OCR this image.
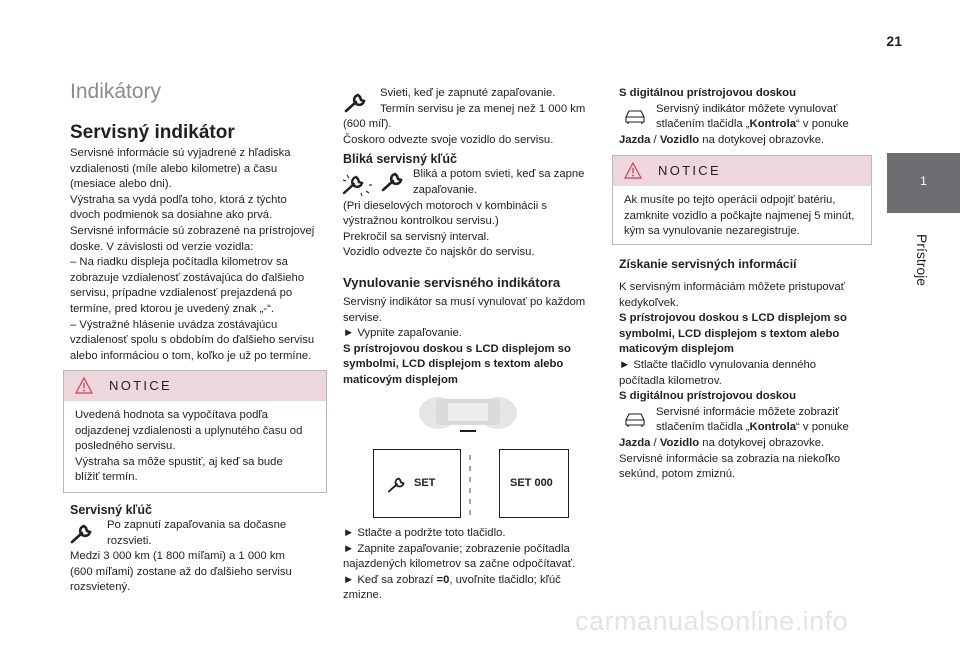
21
1
Prístroje
Indikátory
Servisný indikátor

Servisné informácie sú vyjadrené z hľadiska

vzdialenosti (míle alebo kilometre) a času

(mesiace alebo dni).

Výstraha sa vydá podľa toho, ktorá z týchto

dvoch podmienok sa dosiahne ako prvá.

Servisné informácie sú zobrazené na prístrojovej

doske. V závislosti od verzie vozidla:

– Na riadku displeja počítadla kilometrov sa

zobrazuje vzdialenosť zostávajúca do ďalšieho

servisu, prípadne vzdialenosť prejazdená po

termíne, pred ktorou je uvedený znak „-“.

– Výstražné hlásenie uvádza zostávajúcu

vzdialenosť spolu s obdobím do ďalšieho servisu

alebo informáciou o tom, koľko je už po termíne.

NOTICE

Uvedená hodnota sa vypočítava podľa

odjazdenej vzdialenosti a uplynutého času od

posledného servisu.

Výstraha sa môže spustiť, aj keď sa bude

blížiť termín.

Servisný kľúč

Po zapnutí zapaľovania sa dočasne

rozsvieti.

Medzi 3 000 km (1 800 míľami) a 1 000 km

(600 míľami) zostane až do ďalšieho servisu

rozsvietený.

Svieti, keď je zapnuté zapaľovanie.

Termín servisu je za menej než 1 000 km

(600 míľ).

Čoskoro odvezte svoje vozidlo do servisu.

Bliká servisný kľúč

Bliká a potom svieti, keď sa zapne

zapaľovanie.

(Pri dieselových motoroch v kombinácii s

výstražnou kontrolkou servisu.)

Prekročil sa servisný interval.

Vozidlo odvezte čo najskôr do servisu.

Vynulovanie servisného indikátora

Servisný indikátor sa musí vynulovať po každom

servise.

► Vypnite zapaľovanie.

S prístrojovou doskou s LCD displejom so

symbolmi, LCD displejom s textom alebo

maticovým displejom

SET	SET 000

► Stlačte a podržte toto tlačidlo.

► Zapnite zapaľovanie; zobrazenie počítadla

najazdených kilometrov sa začne odpočítavať.

► Keď sa zobrazí =0, uvoľnite tlačidlo; kľúč

zmizne.

S digitálnou prístrojovou doskou

Servisný indikátor môžete vynulovať

stlačením tlačidla „Kontrola“ v ponuke

Jazda / Vozidlo na dotykovej obrazovke.

NOTICE

Ak musíte po tejto operácii odpojiť batériu,

zamknite vozidlo a počkajte najmenej 5 minút,

kým sa vynulovanie nezaregistruje.

Získanie servisných informácií

K servisným informáciám môžete pristupovať

kedykoľvek.

S prístrojovou doskou s LCD displejom so

symbolmi, LCD displejom s textom alebo

maticovým displejom

► Stlačte tlačidlo vynulovania denného

počítadla kilometrov.

S digitálnou prístrojovou doskou

Servisné informácie môžete zobraziť

stlačením tlačidla „Kontrola“ v ponuke

Jazda / Vozidlo na dotykovej obrazovke.

Servisné informácie sa zobrazia na niekoľko

sekúnd, potom zmiznú.

carmanualsonline.info
